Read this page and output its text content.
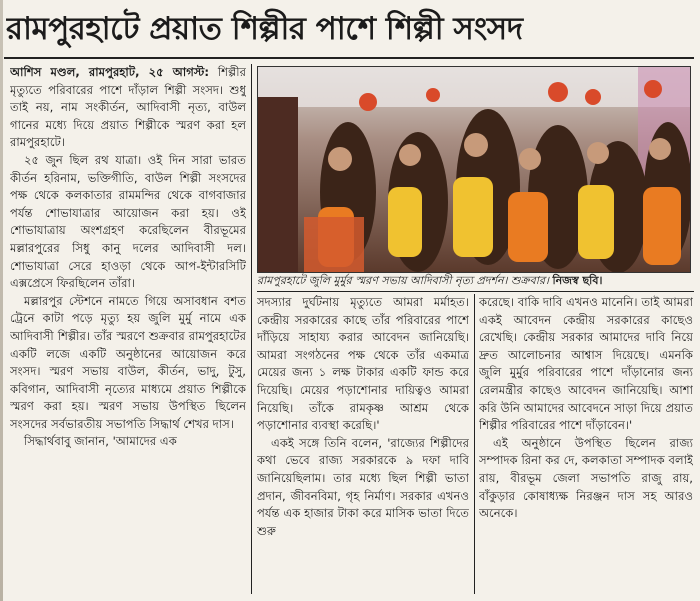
রামপুরহাটে প্রয়াত শিল্পীর পাশে শিল্পী সংসদ

আশিস মণ্ডল, রামপুরহাট, ২৫ আগস্ট: শিল্পীর মৃত্যুতে পরিবারের পাশে দাঁড়াল শিল্পী সংসদ। শুধু তাই নয়, নাম সংকীর্তন, আদিবাসী নৃত্য, বাউল গানের মধ্যে দিয়ে প্রয়াত শিল্পীকে স্মরণ করা হল রামপুরহাটে।

২৫ জুন ছিল রথ যাত্রা। ওই দিন সারা ভারত কীর্তন হরিনাম, ভক্তিগীতি, বাউল শিল্পী সংসদের পক্ষ থেকে কলকাতার রামমন্দির থেকে বাগবাজার পর্যন্ত শোভাযাত্রার আয়োজন করা হয়। ওই শোভাযাত্রায় অংশগ্রহণ করেছিলেন বীরভূমের মল্লারপুরের সিধু কানু দলের আদিবাসী দল। শোভাযাত্রা সেরে হাওড়া থেকে আপ-ইন্টারসিটি এক্সপ্রেসে ফিরছিলেন তাঁরা।

মল্লারপুর স্টেশনে নামতে গিয়ে অসাবধান বশত ট্রেনে কাটা পড়ে মৃত্যু হয় জুলি মুর্মু নামে এক আদিবাসী শিল্পীর। তাঁর স্মরণে শুক্রবার রামপুরহাটের একটি লজে একটি অনুষ্ঠানের আয়োজন করে সংসদ। স্মরণ সভায় বাউল, কীর্তন, ভাদু, টুসু, কবিগান, আদিবাসী নৃত্যের মাধ্যমে প্রয়াত শিল্পীকে স্মরণ করা হয়। স্মরণ সভায় উপস্থিত ছিলেন সংসদের সর্বভারতীয় সভাপতি সিদ্ধার্থ শেখর দাস।

সিদ্ধার্থবাবু জানান, 'আমাদের এক

রামপুরহাটে জুলি মুর্মুর স্মরণ সভায় আদিবাসী নৃত্য প্রদর্শন। শুক্রবার। নিজস্ব ছবি।

সদস্যার দুর্ঘটনায় মৃত্যুতে আমরা মর্মাহত। কেন্দ্রীয় সরকারের কাছে তাঁর পরিবারের পাশে দাঁড়িয়ে সাহায্য করার আবেদন জানিয়েছি। আমরা সংগঠনের পক্ষ থেকে তাঁর একমাত্র মেয়ের জন্য ১ লক্ষ টাকার একটি ফান্ড করে দিয়েছি। মেয়ের পড়াশোনার দায়িত্বও আমরা নিয়েছি। তাঁকে রামকৃষ্ণ আশ্রম থেকে পড়াশোনার ব্যবস্থা করেছি।'

একই সঙ্গে তিনি বলেন, 'রাজ্যের শিল্পীদের কথা ভেবে রাজ্য সরকারকে ৯ দফা দাবি জানিয়েছিলাম। তার মধ্যে ছিল শিল্পী ভাতা প্রদান, জীবনবিমা, গৃহ নির্মাণ। সরকার এখনও পর্যন্ত এক হাজার টাকা করে মাসিক ভাতা দিতে শুরু

করেছে। বাকি দাবি এখনও মানেনি। তাই আমরা একই আবেদন কেন্দ্রীয় সরকারের কাছেও রেখেছি। কেন্দ্রীয় সরকার আমাদের দাবি নিয়ে দ্রুত আলোচনার আশ্বাস দিয়েছে। এমনকি জুলি মুর্মুর পরিবারের পাশে দাঁড়ানোর জন্য রেলমন্ত্রীর কাছেও আবেদন জানিয়েছি। আশা করি উনি আমাদের আবেদনে সাড়া দিয়ে প্রয়াত শিল্পীর পরিবারের পাশে দাঁড়াবেন।'

এই অনুষ্ঠানে উপস্থিত ছিলেন রাজ্য সম্পাদক রিনা কর দে, কলকাতা সম্পাদক বলাই রায়, বীরভূম জেলা সভাপতি রাজু রায়, বাঁকুড়ার কোষাধ্যক্ষ নিরঞ্জন দাস সহ আরও অনেকে।
